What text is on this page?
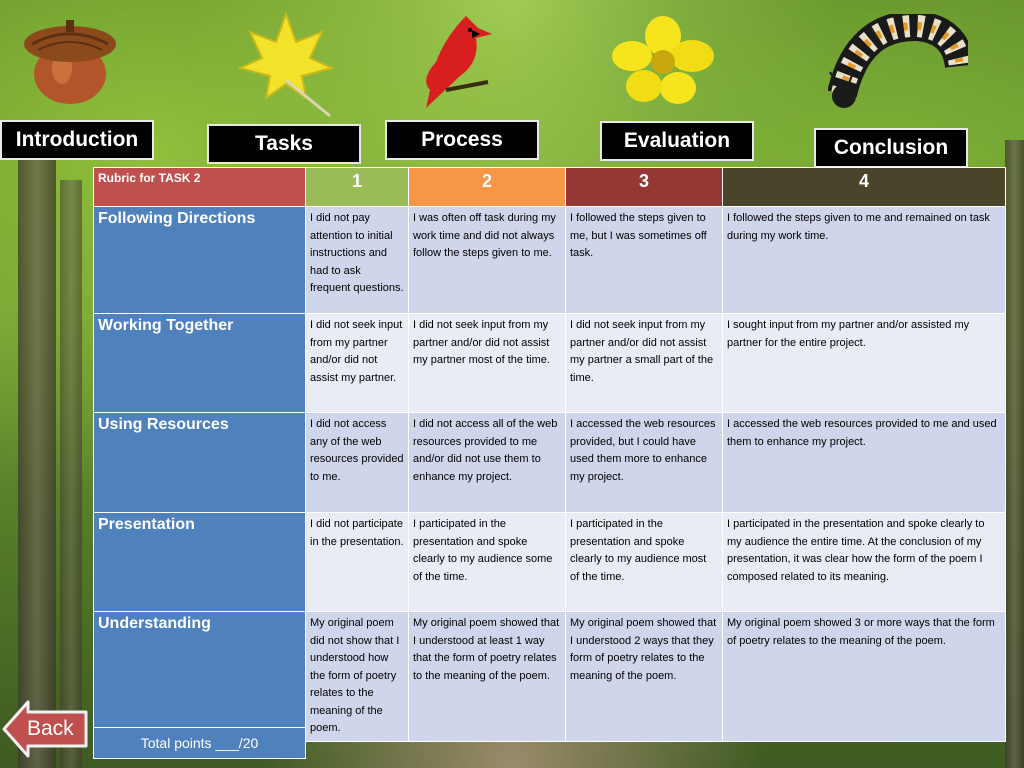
Introduction	Tasks	Process	Evaluation	Conclusion
Rubric for TASK 2	1	2	3	4
Following Directions	I did not pay attention to initial instructions and had to ask frequent questions.	I was often off task during my work time and did not always follow the steps given to me.	I followed the steps given to me, but I was sometimes off task.	I followed the steps given to me and remained on task during my work time.
Working Together	I did not seek input from my partner and/or did not assist my partner.	I did not seek input from my partner and/or did not assist my partner most of the time.	I did not seek input from my partner and/or did not assist my partner a small part of the time.	I sought input from my partner and/or assisted my partner for the entire project.
Using Resources	I did not access any of the web resources provided to me.	I did not access all of the web resources provided to me and/or did not use them to enhance my project.	I accessed the web resources provided, but I could have used them more to enhance my project.	I accessed the web resources provided to me and used them to enhance my project.
Presentation	I did not participate in the presentation.	I participated in the presentation and spoke clearly to my audience some of the time.	I participated in the presentation and spoke clearly to my audience most of the time.	I participated in the presentation and spoke clearly to my audience the entire time. At the conclusion of my presentation, it was clear how the form of the poem I composed related to its meaning.
Understanding	My original poem did not show that I understood how the form of poetry relates to the meaning of the poem.	My original poem showed that I understood at least 1 way that the form of poetry relates to the meaning of the poem.	My original poem showed that I understood 2 ways that they form of poetry relates to the meaning of the poem.	My original poem showed 3 or more ways that the form of poetry relates to the meaning of the poem.
Total points ___/20
Back
